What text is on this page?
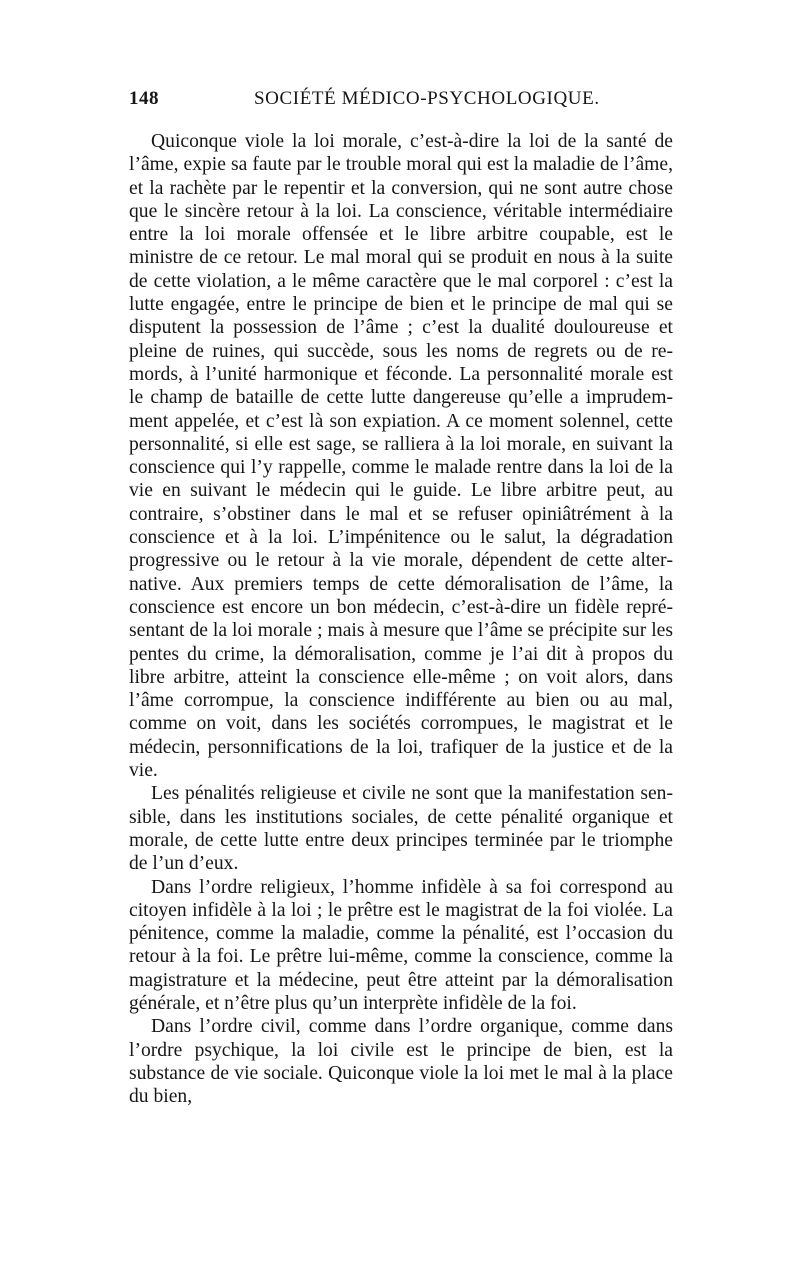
148	SOCIÉTÉ MÉDICO-PSYCHOLOGIQUE.

Quiconque viole la loi morale, c’est-à-dire la loi de la santé de l’âme, expie sa faute par le trouble moral qui est la maladie de l’âme, et la rachète par le repentir et la conversion, qui ne sont autre chose que le sincère retour à la loi. La conscience, véritable intermédiaire entre la loi morale offensée et le libre arbitre coupable, est le ministre de ce retour. Le mal moral qui se produit en nous à la suite de cette violation, a le même caractère que le mal corporel : c’est la lutte engagée, entre le principe de bien et le principe de mal qui se disputent la possession de l’âme ; c’est la dualité douloureuse et pleine de ruines, qui succède, sous les noms de regrets ou de remords, à l’unité harmonique et féconde. La personnalité morale est le champ de bataille de cette lutte dangereuse qu’elle a imprudemment appelée, et c’est là son expiation. A ce moment solennel, cette personnalité, si elle est sage, se ralliera à la loi morale, en suivant la conscience qui l’y rappelle, comme le malade rentre dans la loi de la vie en suivant le médecin qui le guide. Le libre arbitre peut, au contraire, s’obstiner dans le mal et se refuser opiniâtrément à la conscience et à la loi. L’impénitence ou le salut, la dégradation progressive ou le retour à la vie morale, dépendent de cette alternative. Aux premiers temps de cette démoralisation de l’âme, la conscience est encore un bon médecin, c’est-à-dire un fidèle représentant de la loi morale ; mais à mesure que l’âme se précipite sur les pentes du crime, la démoralisation, comme je l’ai dit à propos du libre arbitre, atteint la conscience elle-même ; on voit alors, dans l’âme corrompue, la conscience indifférente au bien ou au mal, comme on voit, dans les sociétés corrompues, le magistrat et le médecin, personnifications de la loi, trafiquer de la justice et de la vie.

Les pénalités religieuse et civile ne sont que la manifestation sensible, dans les institutions sociales, de cette pénalité organique et morale, de cette lutte entre deux principes terminée par le triomphe de l’un d’eux.

Dans l’ordre religieux, l’homme infidèle à sa foi correspond au citoyen infidèle à la loi ; le prêtre est le magistrat de la foi violée. La pénitence, comme la maladie, comme la pénalité, est l’occasion du retour à la foi. Le prêtre lui-même, comme la conscience, comme la magistrature et la médecine, peut être atteint par la démoralisation générale, et n’être plus qu’un interprète infidèle de la foi.

Dans l’ordre civil, comme dans l’ordre organique, comme dans l’ordre psychique, la loi civile est le principe de bien, est la substance de vie sociale. Quiconque viole la loi met le mal à la place du bien,
